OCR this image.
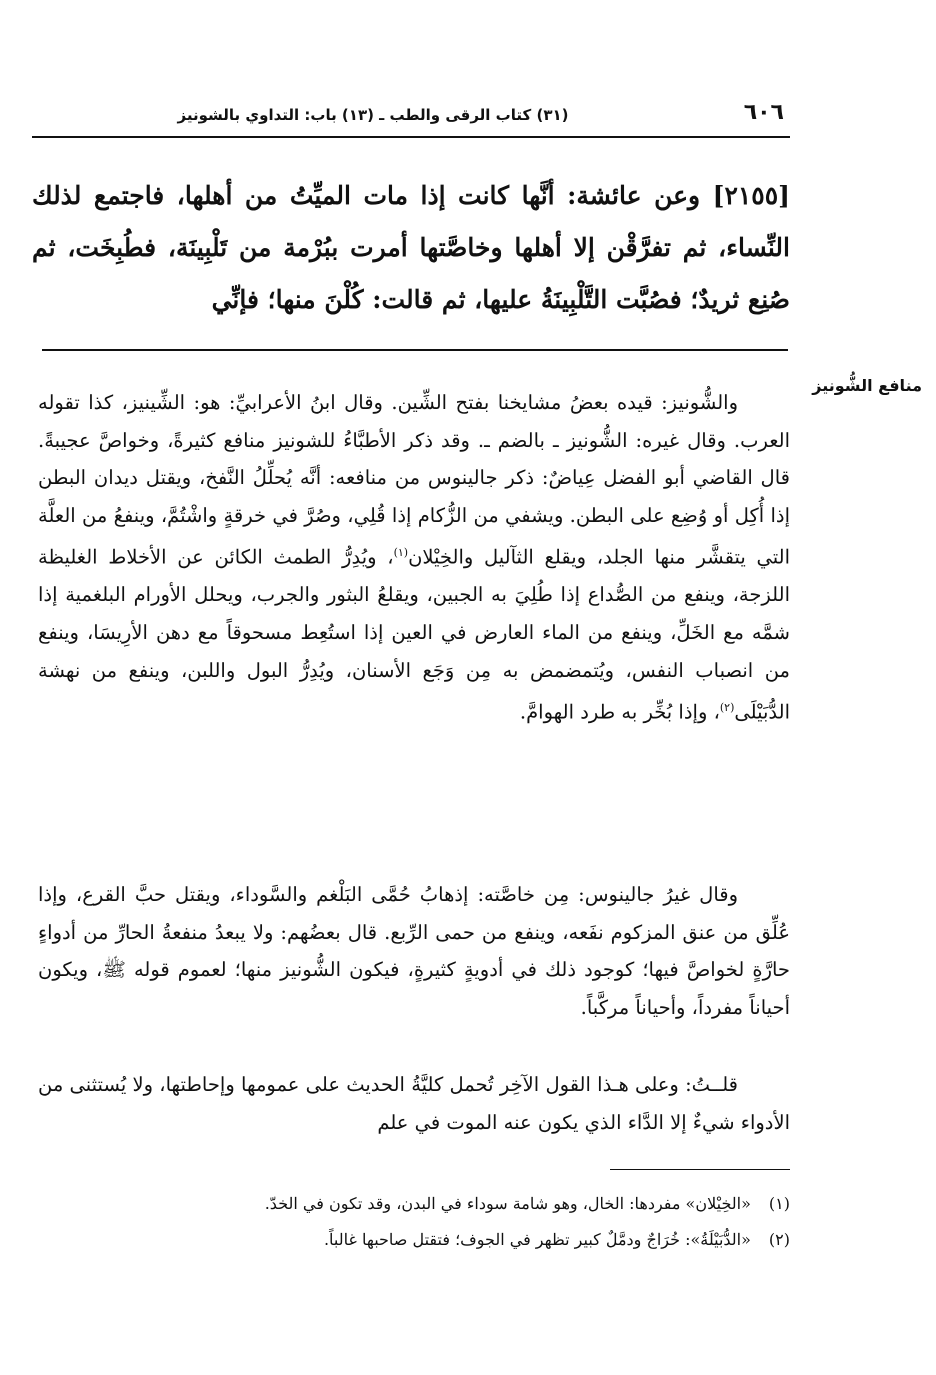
٦٠٦
(٣١) كتاب الرقى والطب ـ (١٣) باب: التداوي بالشونيز

[٢١٥٥] وعن عائشة: أنَّها كانت إذا مات الميِّتُ من أهلها، فاجتمع لذلك النِّساء، ثم تفرَّقْن إلا أهلها وخاصَّتها أمرت ببُرْمة من تَلْبِينَة، فطُبِخَت، ثم صُنِع ثريدٌ؛ فصُبَّت التَّلْبِينَةُ عليها، ثم قالت: كُلْنَ منها؛ فإنِّي

منافع الشُّونيز

والشُّونيز: قيده بعضُ مشايخنا بفتح الشِّين. وقال ابنُ الأعرابيِّ: هو: الشِّينيز، كذا تقوله العرب. وقال غيره: الشُّونيز ـ بالضم ـ. وقد ذكر الأطبَّاءُ للشونيز منافع كثيرةً، وخواصَّ عجيبةً. قال القاضي أبو الفضل عِياضٌ: ذكر جالينوس من منافعه: أنَّه يُحلِّلُ النَّفخ، ويقتل ديدان البطن إذا أُكِل أو وُضِع على البطن. ويشفي من الزُّكام إذا قُلِي، وصُرَّ في خرقةٍ واشْتُمَّ، وينفعُ من العلَّة التي يتقشَّر منها الجلد، ويقلع الثآليل والخِيْلان$^{(١)}$، ويُدِرُّ الطمث الكائن عن الأخلاط الغليظة اللزجة، وينفع من الصُّداع إذا طُلِيَ به الجبين، ويقلعُ البثور والجرب، ويحلل الأورام البلغمية إذا شمَّه مع الخَلِّ، وينفع من الماء العارض في العين إذا استُعِط مسحوقاً مع دهن الأرِيسَا، وينفع من انصباب النفس، ويُتمضمض به مِن وَجَع الأسنان، ويُدِرُّ البول واللبن، وينفع من نهشة الدُّبَيْلَى$^{(٢)}$، وإذا بُخِّر به طرد الهوامَّ.

وقال غيرُ جالينوس: مِن خاصَّته: إذهابُ حُمَّى البَلْغم والسَّوداء، ويقتل حبَّ القرع، وإذا عُلِّق من عنق المزكوم نفَعه، وينفع من حمى الرِّبع. قال بعضُهم: ولا يبعدُ منفعةُ الحارِّ من أدواءٍ حارَّةٍ لخواصَّ فيها؛ كوجود ذلك في أدويةٍ كثيرةٍ، فيكون الشُّونيز منها؛ لعموم قوله ﷺ، ويكون أحياناً مفرداً، وأحياناً مركَّباً.

قلــتُ: وعلى هـذا القول الآخِر تُحمل كليَّةُ الحديث على عمومها وإحاطتها، ولا يُستثنى من الأدواء شيءٌ إلا الدَّاء الذي يكون عنه الموت في علم

(١) «الخِيْلان» مفردها: الخال، وهو شامة سوداء في البدن، وقد تكون في الخدّ.
(٢) «الدُّبَيْلَةُ»: خُرَاجٌ ودمَّلٌ كبير تظهر في الجوف؛ فتقتل صاحبها غالباً.
